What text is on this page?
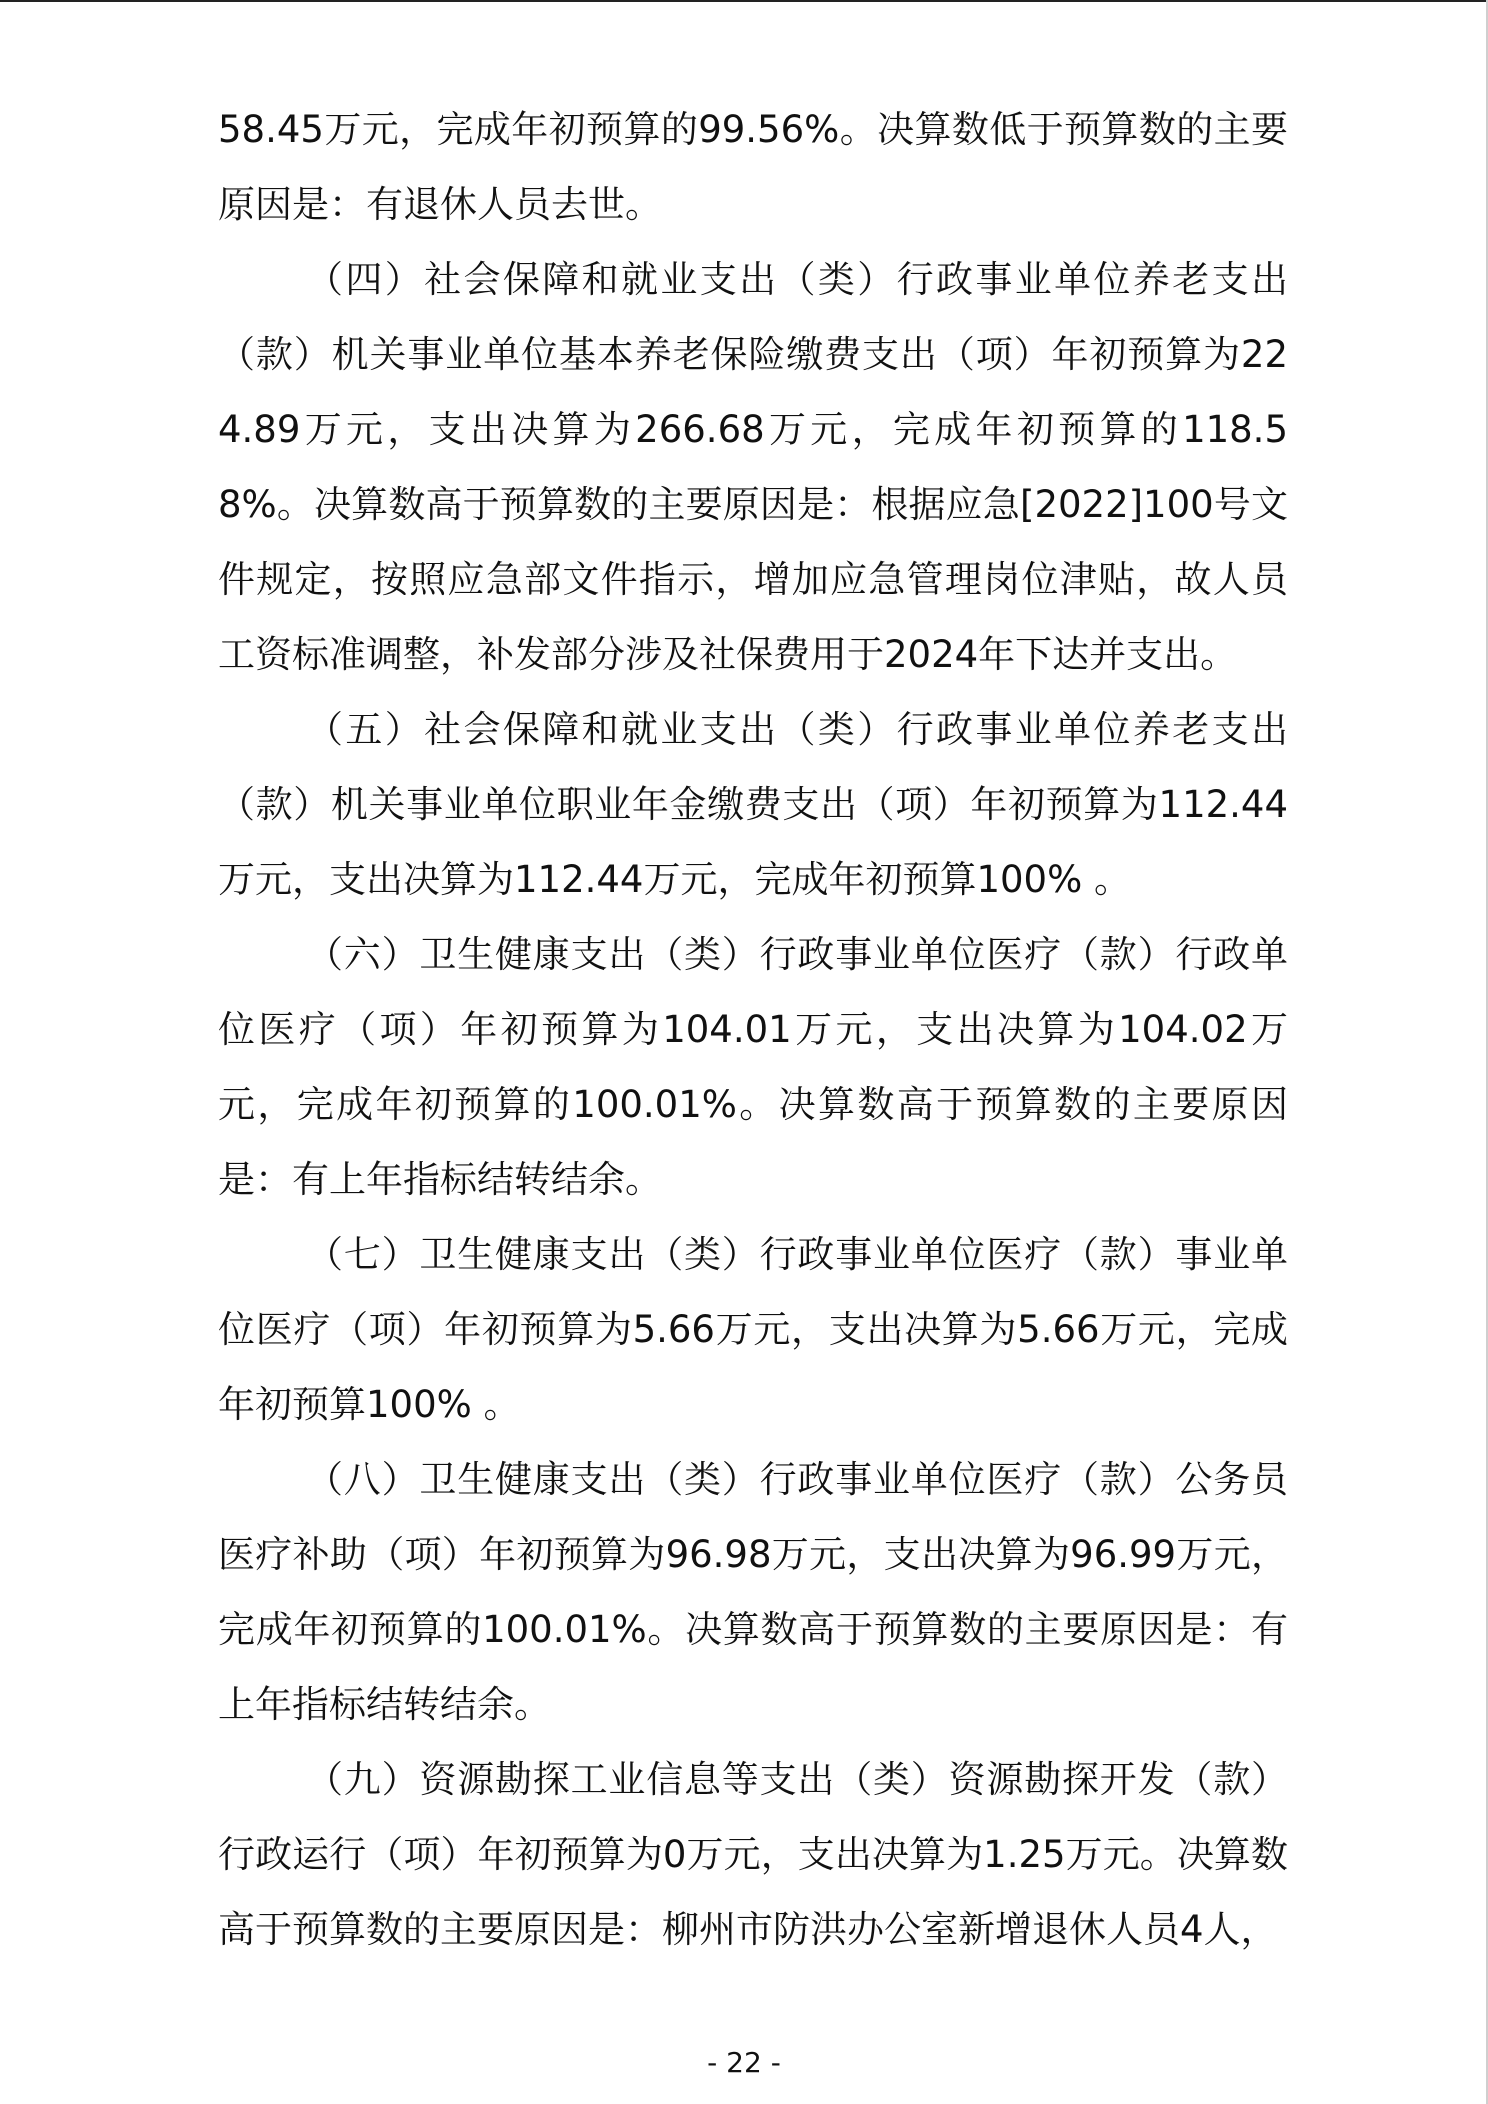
58.45万元，完成年初预算的99.56%。决算数低于预算数的主要原因是：有退休人员去世。

（四）社会保障和就业支出（类）行政事业单位养老支出（款）机关事业单位基本养老保险缴费支出（项）年初预算为224.89万元，支出决算为266.68万元，完成年初预算的118.58%。决算数高于预算数的主要原因是：根据应急[2022]100号文件规定，按照应急部文件指示，增加应急管理岗位津贴，故人员工资标准调整，补发部分涉及社保费用于2024年下达并支出。

（五）社会保障和就业支出（类）行政事业单位养老支出（款）机关事业单位职业年金缴费支出（项）年初预算为112.44万元，支出决算为112.44万元，完成年初预算100% 。

（六）卫生健康支出（类）行政事业单位医疗（款）行政单位医疗（项）年初预算为104.01万元，支出决算为104.02万元，完成年初预算的100.01%。决算数高于预算数的主要原因是：有上年指标结转结余。

（七）卫生健康支出（类）行政事业单位医疗（款）事业单位医疗（项）年初预算为5.66万元，支出决算为5.66万元，完成年初预算100% 。

（八）卫生健康支出（类）行政事业单位医疗（款）公务员医疗补助（项）年初预算为96.98万元，支出决算为96.99万元，完成年初预算的100.01%。决算数高于预算数的主要原因是：有上年指标结转结余。

（九）资源勘探工业信息等支出（类）资源勘探开发（款）行政运行（项）年初预算为0万元，支出决算为1.25万元。决算数高于预算数的主要原因是：柳州市防洪办公室新增退休人员4人，

- 22 -
